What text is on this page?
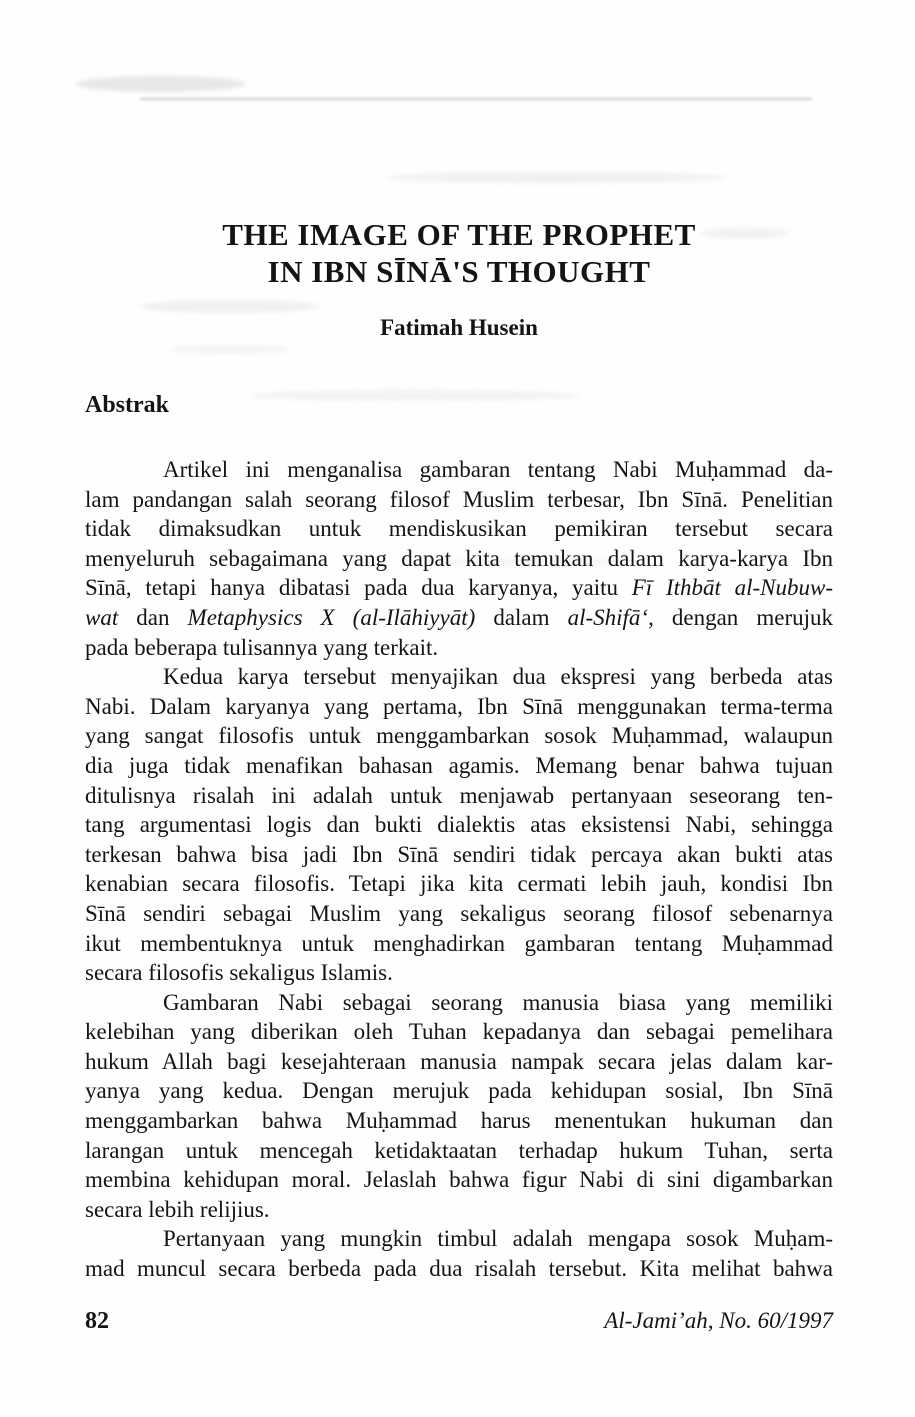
THE IMAGE OF THE PROPHET
IN IBN SĪNĀ'S THOUGHT
Fatimah Husein
Abstrak
Artikel ini menganalisa gambaran tentang Nabi Muḥammad da-
lam pandangan salah seorang filosof Muslim terbesar, Ibn Sīnā. Penelitian
tidak dimaksudkan untuk mendiskusikan pemikiran tersebut secara
menyeluruh sebagaimana yang dapat kita temukan dalam karya-karya Ibn
Sīnā, tetapi hanya dibatasi pada dua karyanya, yaitu Fī Ithbāt al-Nubuw-
wat dan Metaphysics X (al-Ilāhiyyāt) dalam al-Shifā‘, dengan merujuk
pada beberapa tulisannya yang terkait.
Kedua karya tersebut menyajikan dua ekspresi yang berbeda atas
Nabi. Dalam karyanya yang pertama, Ibn Sīnā menggunakan terma-terma
yang sangat filosofis untuk menggambarkan sosok Muḥammad, walaupun
dia juga tidak menafikan bahasan agamis. Memang benar bahwa tujuan
ditulisnya risalah ini adalah untuk menjawab pertanyaan seseorang ten-
tang argumentasi logis dan bukti dialektis atas eksistensi Nabi, sehingga
terkesan bahwa bisa jadi Ibn Sīnā sendiri tidak percaya akan bukti atas
kenabian secara filosofis. Tetapi jika kita cermati lebih jauh, kondisi Ibn
Sīnā sendiri sebagai Muslim yang sekaligus seorang filosof sebenarnya
ikut membentuknya untuk menghadirkan gambaran tentang Muḥammad
secara filosofis sekaligus Islamis.
Gambaran Nabi sebagai seorang manusia biasa yang memiliki
kelebihan yang diberikan oleh Tuhan kepadanya dan sebagai pemelihara
hukum Allah bagi kesejahteraan manusia nampak secara jelas dalam kar-
yanya yang kedua. Dengan merujuk pada kehidupan sosial, Ibn Sīnā
menggambarkan bahwa Muḥammad harus menentukan hukuman dan
larangan untuk mencegah ketidaktaatan terhadap hukum Tuhan, serta
membina kehidupan moral. Jelaslah bahwa figur Nabi di sini digambarkan
secara lebih relijius.
Pertanyaan yang mungkin timbul adalah mengapa sosok Muḥam-
mad muncul secara berbeda pada dua risalah tersebut. Kita melihat bahwa
82	Al-Jami’ah, No. 60/1997
